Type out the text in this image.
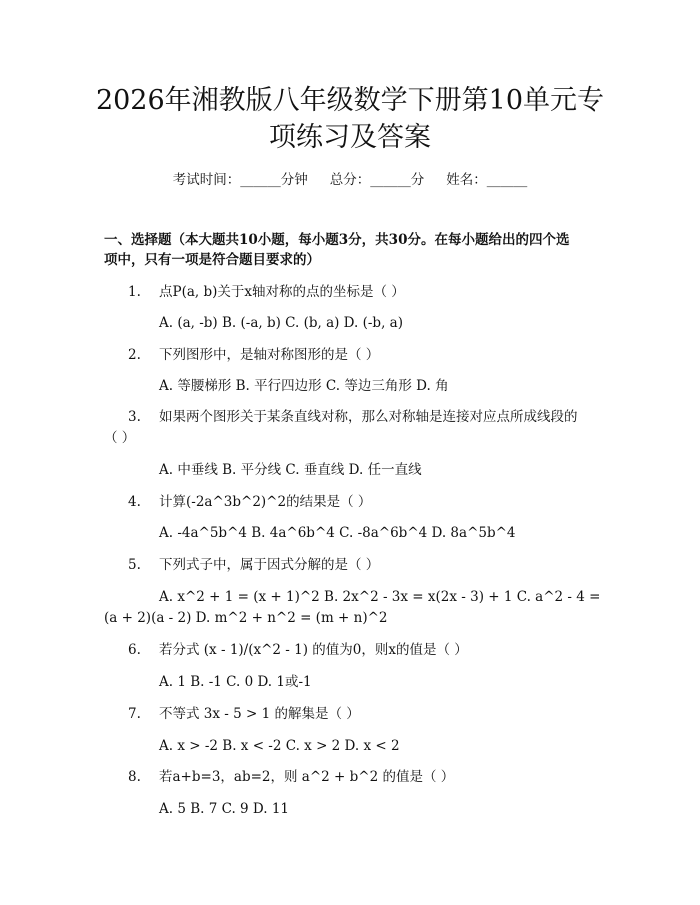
2026年湘教版八年级数学下册第10单元专
项练习及答案
考试时间：______分钟 总分：______分 姓名：______
一、选择题（本大题共10小题，每小题3分，共30分。在每小题给出的四个选
项中，只有一项是符合题目要求的）
1. 点P(a, b)关于x轴对称的点的坐标是（ ）
A. (a, -b) B. (-a, b) C. (b, a) D. (-b, a)
2. 下列图形中，是轴对称图形的是（ ）
A. 等腰梯形 B. 平行四边形 C. 等边三角形 D. 角
3. 如果两个图形关于某条直线对称，那么对称轴是连接对应点所成线段的
（ ）
A. 中垂线 B. 平分线 C. 垂直线 D. 任一直线
4. 计算(-2a^3b^2)^2的结果是（ ）
A. -4a^5b^4 B. 4a^6b^4 C. -8a^6b^4 D. 8a^5b^4
5. 下列式子中，属于因式分解的是（ ）
A. x^2 + 1 = (x + 1)^2 B. 2x^2 - 3x = x(2x - 3) + 1 C. a^2 - 4 =
(a + 2)(a - 2) D. m^2 + n^2 = (m + n)^2
6. 若分式 (x - 1)/(x^2 - 1) 的值为0，则x的值是（ ）
A. 1 B. -1 C. 0 D. 1或-1
7. 不等式 3x - 5 > 1 的解集是（ ）
A. x > -2 B. x < -2 C. x > 2 D. x < 2
8. 若a+b=3，ab=2，则 a^2 + b^2 的值是（ ）
A. 5 B. 7 C. 9 D. 11
